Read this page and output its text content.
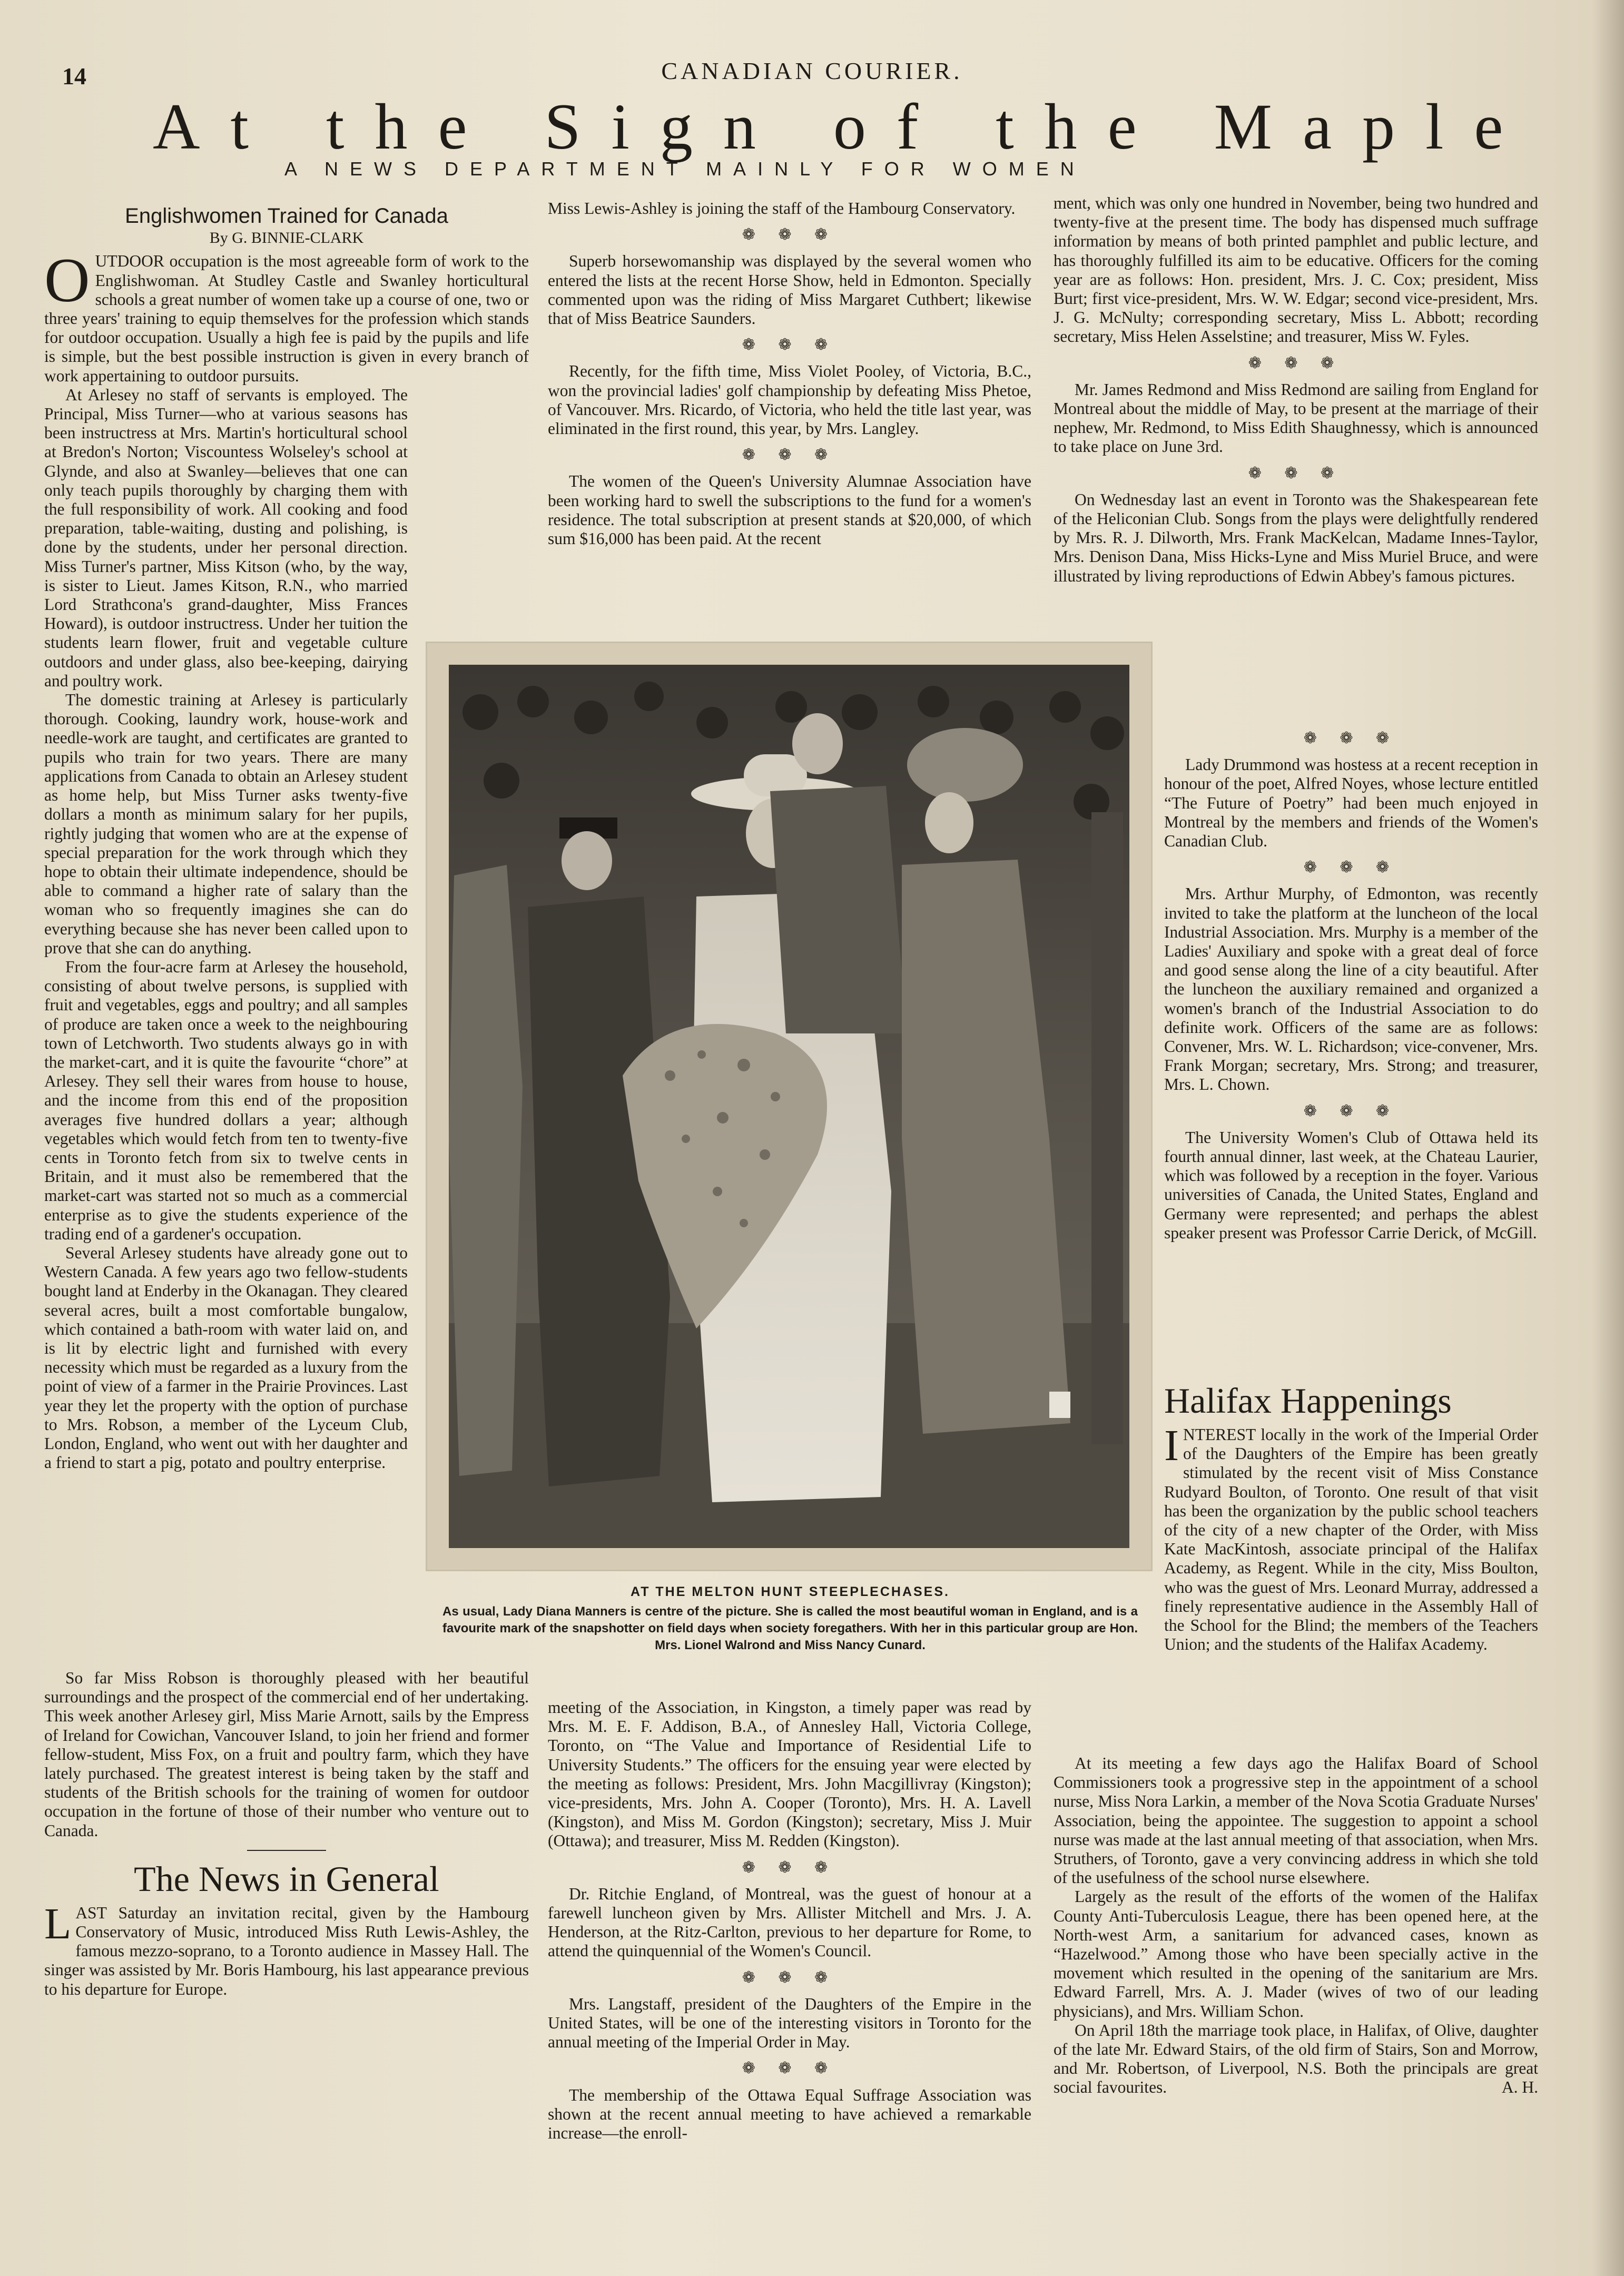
14	CANADIAN COURIER.
At the Sign of the Maple
A NEWS DEPARTMENT MAINLY FOR WOMEN
Englishwomen Trained for Canada
By G. BINNIE-CLARK

OUTDOOR occupation is the most agreeable form of work to the Englishwoman. At Studley Castle and Swanley horticultural schools a great number of women take up a course of one, two or three years' training to equip themselves for the profession which stands for outdoor occupation. Usually a high fee is paid by the pupils and life is simple, but the best possible instruction is given in every branch of work appertaining to outdoor pursuits.

At Arlesey no staff of servants is employed. The Principal, Miss Turner—who at various seasons has been instructress at Mrs. Martin's horticultural school at Bredon's Norton; Viscountess Wolseley's school at Glynde, and also at Swanley—believes that one can only teach pupils thoroughly by charging them with the full responsibility of work. All cooking and food preparation, table-waiting, dusting and polishing, is done by the students, under her personal direction. Miss Turner's partner, Miss Kitson (who, by the way, is sister to Lieut. James Kitson, R.N., who married Lord Strathcona's grand-daughter, Miss Frances Howard), is outdoor instructress. Under her tuition the students learn flower, fruit and vegetable culture outdoors and under glass, also bee-keeping, dairying and poultry work.

The domestic training at Arlesey is particularly thorough. Cooking, laundry work, house-work and needle-work are taught, and certificates are granted to pupils who train for two years. There are many applications from Canada to obtain an Arlesey student as home help, but Miss Turner asks twenty-five dollars a month as minimum salary for her pupils, rightly judging that women who are at the expense of special preparation for the work through which they hope to obtain their ultimate independence, should be able to command a higher rate of salary than the woman who so frequently imagines she can do everything because she has never been called upon to prove that she can do anything.

From the four-acre farm at Arlesey the household, consisting of about twelve persons, is supplied with fruit and vegetables, eggs and poultry; and all samples of produce are taken once a week to the neighbouring town of Letchworth. Two students always go in with the market-cart, and it is quite the favourite “chore” at Arlesey. They sell their wares from house to house, and the income from this end of the proposition averages five hundred dollars a year; although vegetables which would fetch from ten to twenty-five cents in Toronto fetch from six to twelve cents in Britain, and it must also be remembered that the market-cart was started not so much as a commercial enterprise as to give the students experience of the trading end of a gardener's occupation.

Several Arlesey students have already gone out to Western Canada. A few years ago two fellow-students bought land at Enderby in the Okanagan. They cleared several acres, built a most comfortable bungalow, which contained a bath-room with water laid on, and is lit by electric light and furnished with every necessity which must be regarded as a luxury from the point of view of a farmer in the Prairie Provinces. Last year they let the property with the option of purchase to Mrs. Robson, a member of the Lyceum Club, London, England, who went out with her daughter and a friend to start a pig, potato and poultry enterprise.

So far Miss Robson is thoroughly pleased with her beautiful surroundings and the prospect of the commercial end of her undertaking. This week another Arlesey girl, Miss Marie Arnott, sails by the Empress of Ireland for Cowichan, Vancouver Island, to join her friend and former fellow-student, Miss Fox, on a fruit and poultry farm, which they have lately purchased. The greatest interest is being taken by the staff and students of the British schools for the training of women for outdoor occupation in the fortune of those of their number who venture out to Canada.

The News in General

LAST Saturday an invitation recital, given by the Hambourg Conservatory of Music, introduced Miss Ruth Lewis-Ashley, the famous mezzo-soprano, to a Toronto audience in Massey Hall. The singer was assisted by Mr. Boris Hambourg, his last appearance previous to his departure for Europe.

Miss Lewis-Ashley is joining the staff of the Hambourg Conservatory.

❁ ❁ ❁

Superb horsewomanship was displayed by the several women who entered the lists at the recent Horse Show, held in Edmonton. Specially commented upon was the riding of Miss Margaret Cuthbert; likewise that of Miss Beatrice Saunders.

❁ ❁ ❁

Recently, for the fifth time, Miss Violet Pooley, of Victoria, B.C., won the provincial ladies' golf championship by defeating Miss Phetoe, of Vancouver. Mrs. Ricardo, of Victoria, who held the title last year, was eliminated in the first round, this year, by Mrs. Langley.

❁ ❁ ❁

The women of the Queen's University Alumnae Association have been working hard to swell the subscriptions to the fund for a women's residence. The total subscription at present stands at $20,000, of which sum $16,000 has been paid. At the recent

AT THE MELTON HUNT STEEPLECHASES.
As usual, Lady Diana Manners is centre of the picture. She is called the most beautiful woman in England, and is a favourite mark of the snapshotter on field days when society foregathers. With her in this particular group are Hon. Mrs. Lionel Walrond and Miss Nancy Cunard.

meeting of the Association, in Kingston, a timely paper was read by Mrs. M. E. F. Addison, B.A., of Annesley Hall, Victoria College, Toronto, on “The Value and Importance of Residential Life to University Students.” The officers for the ensuing year were elected by the meeting as follows: President, Mrs. John Macgillivray (Kingston); vice-presidents, Mrs. John A. Cooper (Toronto), Mrs. H. A. Lavell (Kingston), and Miss M. Gordon (Kingston); secretary, Miss J. Muir (Ottawa); and treasurer, Miss M. Redden (Kingston).

❁ ❁ ❁

Dr. Ritchie England, of Montreal, was the guest of honour at a farewell luncheon given by Mrs. Allister Mitchell and Mrs. J. A. Henderson, at the Ritz-Carlton, previous to her departure for Rome, to attend the quinquennial of the Women's Council.

❁ ❁ ❁

Mrs. Langstaff, president of the Daughters of the Empire in the United States, will be one of the interesting visitors in Toronto for the annual meeting of the Imperial Order in May.

❁ ❁ ❁

The membership of the Ottawa Equal Suffrage Association was shown at the recent annual meeting to have achieved a remarkable increase—the enroll-

ment, which was only one hundred in November, being two hundred and twenty-five at the present time. The body has dispensed much suffrage information by means of both printed pamphlet and public lecture, and has thoroughly fulfilled its aim to be educative. Officers for the coming year are as follows: Hon. president, Mrs. J. C. Cox; president, Miss Burt; first vice-president, Mrs. W. W. Edgar; second vice-president, Mrs. J. G. McNulty; corresponding secretary, Miss L. Abbott; recording secretary, Miss Helen Asselstine; and treasurer, Miss W. Fyles.

❁ ❁ ❁

Mr. James Redmond and Miss Redmond are sailing from England for Montreal about the middle of May, to be present at the marriage of their nephew, Mr. Redmond, to Miss Edith Shaughnessy, which is announced to take place on June 3rd.

❁ ❁ ❁

On Wednesday last an event in Toronto was the Shakespearean fete of the Heliconian Club. Songs from the plays were delightfully rendered by Mrs. R. J. Dilworth, Mrs. Frank MacKelcan, Madame Innes-Taylor, Mrs. Denison Dana, Miss Hicks-Lyne and Miss Muriel Bruce, and were illustrated by living reproductions of Edwin Abbey's famous pictures.

❁ ❁ ❁

Lady Drummond was hostess at a recent reception in honour of the poet, Alfred Noyes, whose lecture entitled “The Future of Poetry” had been much enjoyed in Montreal by the members and friends of the Women's Canadian Club.

❁ ❁ ❁

Mrs. Arthur Murphy, of Edmonton, was recently invited to take the platform at the luncheon of the local Industrial Association. Mrs. Murphy is a member of the Ladies' Auxiliary and spoke with a great deal of force and good sense along the line of a city beautiful. After the luncheon the auxiliary remained and organized a women's branch of the Industrial Association to do definite work. Officers of the same are as follows: Convener, Mrs. W. L. Richardson; vice-convener, Mrs. Frank Morgan; secretary, Mrs. Strong; and treasurer, Mrs. L. Chown.

❁ ❁ ❁

The University Women's Club of Ottawa held its fourth annual dinner, last week, at the Chateau Laurier, which was followed by a reception in the foyer. Various universities of Canada, the United States, England and Germany were represented; and perhaps the ablest speaker present was Professor Carrie Derick, of McGill.

Halifax Happenings

INTEREST locally in the work of the Imperial Order of the Daughters of the Empire has been greatly stimulated by the recent visit of Miss Constance Rudyard Boulton, of Toronto. One result of that visit has been the organization by the public school teachers of the city of a new chapter of the Order, with Miss Kate MacKintosh, associate principal of the Halifax Academy, as Regent. While in the city, Miss Boulton, who was the guest of Mrs. Leonard Murray, addressed a finely representative audience in the Assembly Hall of the School for the Blind; the members of the Teachers Union; and the students of the Halifax Academy.

At its meeting a few days ago the Halifax Board of School Commissioners took a progressive step in the appointment of a school nurse, Miss Nora Larkin, a member of the Nova Scotia Graduate Nurses' Association, being the appointee. The suggestion to appoint a school nurse was made at the last annual meeting of that association, when Mrs. Struthers, of Toronto, gave a very convincing address in which she told of the usefulness of the school nurse elsewhere.

Largely as the result of the efforts of the women of the Halifax County Anti-Tuberculosis League, there has been opened here, at the North-west Arm, a sanitarium for advanced cases, known as “Hazelwood.” Among those who have been specially active in the movement which resulted in the opening of the sanitarium are Mrs. Edward Farrell, Mrs. A. J. Mader (wives of two of our leading physicians), and Mrs. William Schon.

On April 18th the marriage took place, in Halifax, of Olive, daughter of the late Mr. Edward Stairs, of the old firm of Stairs, Son and Morrow, and Mr. Robertson, of Liverpool, N.S. Both the principals are great social favourites.	A. H.
